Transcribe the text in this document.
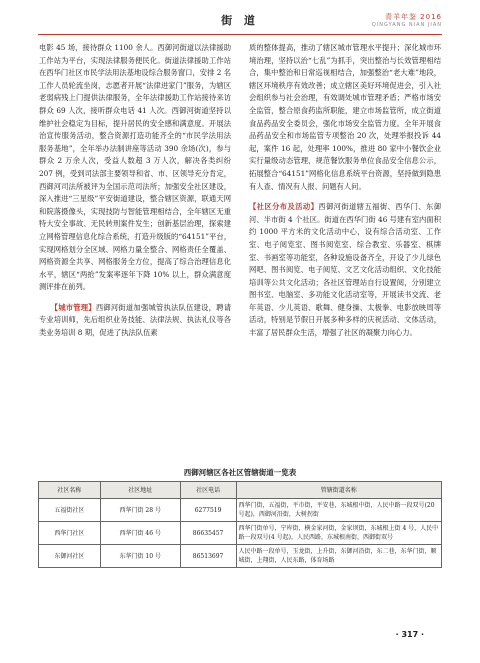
街 道	青羊年鉴 2016
QINGYANG NIAN JIAN

电影 45 场，接待群众 1100 余人。西御河街道以法律援助工作站为平台，实现法律服务便民化。街道法律援助工作站在西华门社区市民学法用法基地设综合服务窗口，安排 2 名工作人员轮流坐岗，志愿者开展“法律进家门”服务，为辖区老弱病残上门提供法律服务，全年法律援助工作站接待来访群众 69 人次，接听群众电话 41 人次。西御河街道坚持以维护社会稳定为目标，提升居民的安全感和满意度。开展法治宣传服务活动，整合资源打造功能齐全的“市民学法用法服务基地”，全年举办法制讲座等活动 390 余场(次)，参与群众 2 万余人次，受益人数超 3 万人次，解决各类纠纷 207 例，受到司法部主要领导和省、市、区领导充分肯定，西御河司法所被评为全国示范司法所；加强安全社区建设，深入推进“三星级”平安街道建设，整合辖区资源，联通天网和院落摄像头，实现技防与智能管理相结合，全年辖区无重特大安全事故、无民转刑案件发生；创新基层治理，探索建立网格管理信息化综合系统，打造升级版的“64151”平台，实现网格划分全区域、网格力量全整合、网格责任全覆盖、网格资源全共享、网格服务全方位，提高了综合治理信息化水平，辖区“两抢”发案率逐年下降 10% 以上，群众满意度测评排在前列。

【城市管理】西御河街道加强城管执法队伍建设，聘请专业培训师，先后组织业务技能、法律法规、执法礼仪等各类业务培训 8 期，促进了执法队伍素

质的整体提高，推动了辖区城市管理水平提升；深化城市环境治理，坚持以治“七乱”为抓手，突出整治与长效管理相结合，集中整治和日常巡视相结合，加强整治“老大难”地段，辖区环境秩序有效改善；成立辖区美好环境促进会，引入社会组织参与社会治理，有效调处城市管理矛盾；严格市场安全监管，整合原食药监所职能，建立市场监管所，成立街道食品药品安全委员会，强化市场安全监管力度。全年开展食品药品安全和市场监管专项整治 20 次，处理举报投诉 44 起，案件 16 起，处理率 100%，推进 80 家中小餐饮企业实行量级动态管理，规范餐饮服务单位食品安全信息公示，拓展整合“64151”网格化信息系统平台资源，坚持做到隐患有人查、情况有人报、问题有人问。

【社区分布及活动】西御河街道辖五福街、西华门、东御河、半市街 4 个社区。街道在西华门街 46 号建有室内面积约 1000 平方米的文化活动中心，设有综合活动室、工作室、电子阅览室、图书阅览室、综合教室、乐器室、棋牌室、书画室等功能室，各种设施设备齐全，开设了少儿绿色网吧、图书阅览、电子阅览、文艺文化活动组织、文化技能培训等公共文化活动；各社区管理站自行设置阅，分别建立图书室、电脑室、多功能文化活动室等，开展读书交流、老年英语、少儿英语、歌舞、健身操、太极拳、电影放映周等活动，特别是节假日开展多种多样的庆祝活动、文体活动，丰富了居民群众生活，增强了社区的凝聚力向心力。

西御河辖区各社区管辖街道一览表
社区名称	社区地址	社区电话	管辖街道名称
五福街社区	西华门街 28 号	6277519	西华门街，五福街，平市街，平安巷，东城根中街，人民中路一段双号(20 号起)，西御河沿街，大树拐街
西华门社区	西华门街 46 号	86635457	西华门街单号，宁库街，横金家河街，金家坝街，东城根上街 4 号，人民中路一段双号(4 号起)，人民西路，东城根南街，西御街双号
东御河社区	东华门街 10 号	86513697	人民中路一段单号，玉龙街，上升街，东御河沿街，东二巷，东华门街，顺城街，上翔街，人民东路，体育场路
· 317 ·
